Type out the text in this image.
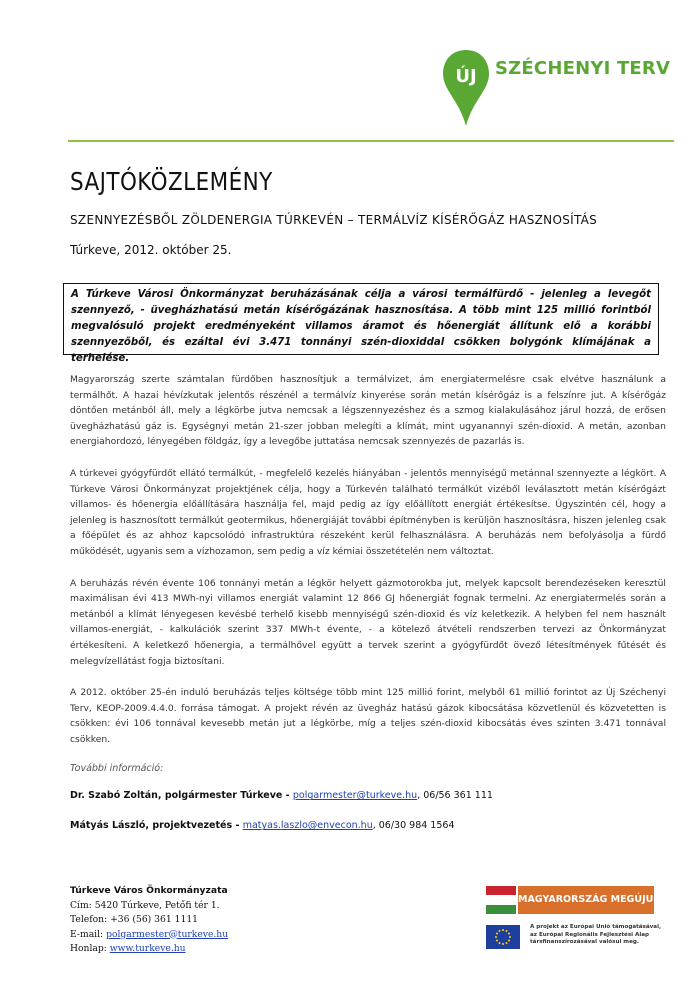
ÚJ SZÉCHENYI TERV
SAJTÓKÖZLEMÉNY
SZENNYEZÉSBŐL ZÖLDENERGIA TÚRKEVÉN – TERMÁLVÍZ KÍSÉRŐGÁZ HASZNOSÍTÁS
Túrkeve, 2012. október 25.
A Túrkeve Városi Önkormányzat beruházásának célja a városi termálfürdő - jelenleg a levegőt szennyező, - üvegházhatású metán kísérőgázának hasznosítása. A több mint 125 millió forintból megvalósuló projekt eredményeként villamos áramot és hőenergiát állítunk elő a korábbi szennyezőből, és ezáltal évi 3.471 tonnányi szén-dioxiddal csökken bolygónk klímájának a terhelése.

Magyarország szerte számtalan fürdőben hasznosítjuk a termálvizet, ám energiatermelésre csak elvétve használunk a termálhőt. A hazai hévízkutak jelentős részénél a termálvíz kinyerése során metán kísérőgáz is a felszínre jut. A kísérőgáz döntően metánból áll, mely a légkörbe jutva nemcsak a légszennyezéshez és a szmog kialakulásához járul hozzá, de erősen üvegházhatású gáz is. Egységnyi metán 21-szer jobban melegíti a klímát, mint ugyanannyi szén-dioxid. A metán, azonban energiahordozó, lényegében földgáz, így a levegőbe juttatása nemcsak szennyezés de pazarlás is.

A túrkevei gyógyfürdőt ellátó termálkút, - megfelelő kezelés hiányában - jelentős mennyiségű metánnal szennyezte a légkört. A Túrkeve Városi Önkormányzat projektjének célja, hogy a Túrkevén található termálkút vizéből leválasztott metán kísérőgázt villamos- és hőenergia előállítására használja fel, majd pedig az így előállított energiát értékesítse. Úgyszintén cél, hogy a jelenleg is hasznosított termálkút geotermikus, hőenergiáját további építményben is kerüljön hasznosításra, hiszen jelenleg csak a főépület és az ahhoz kapcsolódó infrastruktúra részeként kerül felhasználásra. A beruházás nem befolyásolja a fürdő működését, ugyanis sem a vízhozamon, sem pedig a víz kémiai összetételén nem változtat.

A beruházás révén évente 106 tonnányi metán a légkör helyett gázmotorokba jut, melyek kapcsolt berendezéseken keresztül maximálisan évi 413 MWh-nyi villamos energiát valamint 12 866 GJ hőenergiát fognak termelni. Az energiatermelés során a metánból a klímát lényegesen kevésbé terhelő kisebb mennyiségű szén-dioxid és víz keletkezik. A helyben fel nem használt villamos-energiát, - kalkulációk szerint 337 MWh-t évente, - a kötelező átvételi rendszerben tervezi az Önkormányzat értékesíteni. A keletkező hőenergia, a termálhővel együtt a tervek szerint a gyógyfürdőt övező létesítmények fűtését és melegvízellátást fogja biztosítani.

A 2012. október 25-én induló beruházás teljes költsége több mint 125 millió forint, melyből 61 millió forintot az Új Széchenyi Terv, KEOP-2009.4.4.0. forrása támogat. A projekt révén az üvegház hatású gázok kibocsátása közvetlenül és közvetetten is csökken: évi 106 tonnával kevesebb metán jut a légkörbe, míg a teljes szén-dioxid kibocsátás éves szinten 3.471 tonnával csökken.

További információ:
Dr. Szabó Zoltán, polgármester Túrkeve - polgarmester@turkeve.hu, 06/56 361 111
Mátyás László, projektvezetés - matyas.laszlo@envecon.hu, 06/30 984 1564
Túrkeve Város Önkormányzata
Cím: 5420 Túrkeve, Petőfi tér 1.
Telefon: +36 (56) 361 1111
E-mail: polgarmester@turkeve.hu
Honlap: www.turkeve.hu
MAGYARORSZÁG MEGÚJUL
A projekt az Európai Unió támogatásával, az Európai Regionális Fejlesztési Alap társfinanszírozásával valósul meg.
